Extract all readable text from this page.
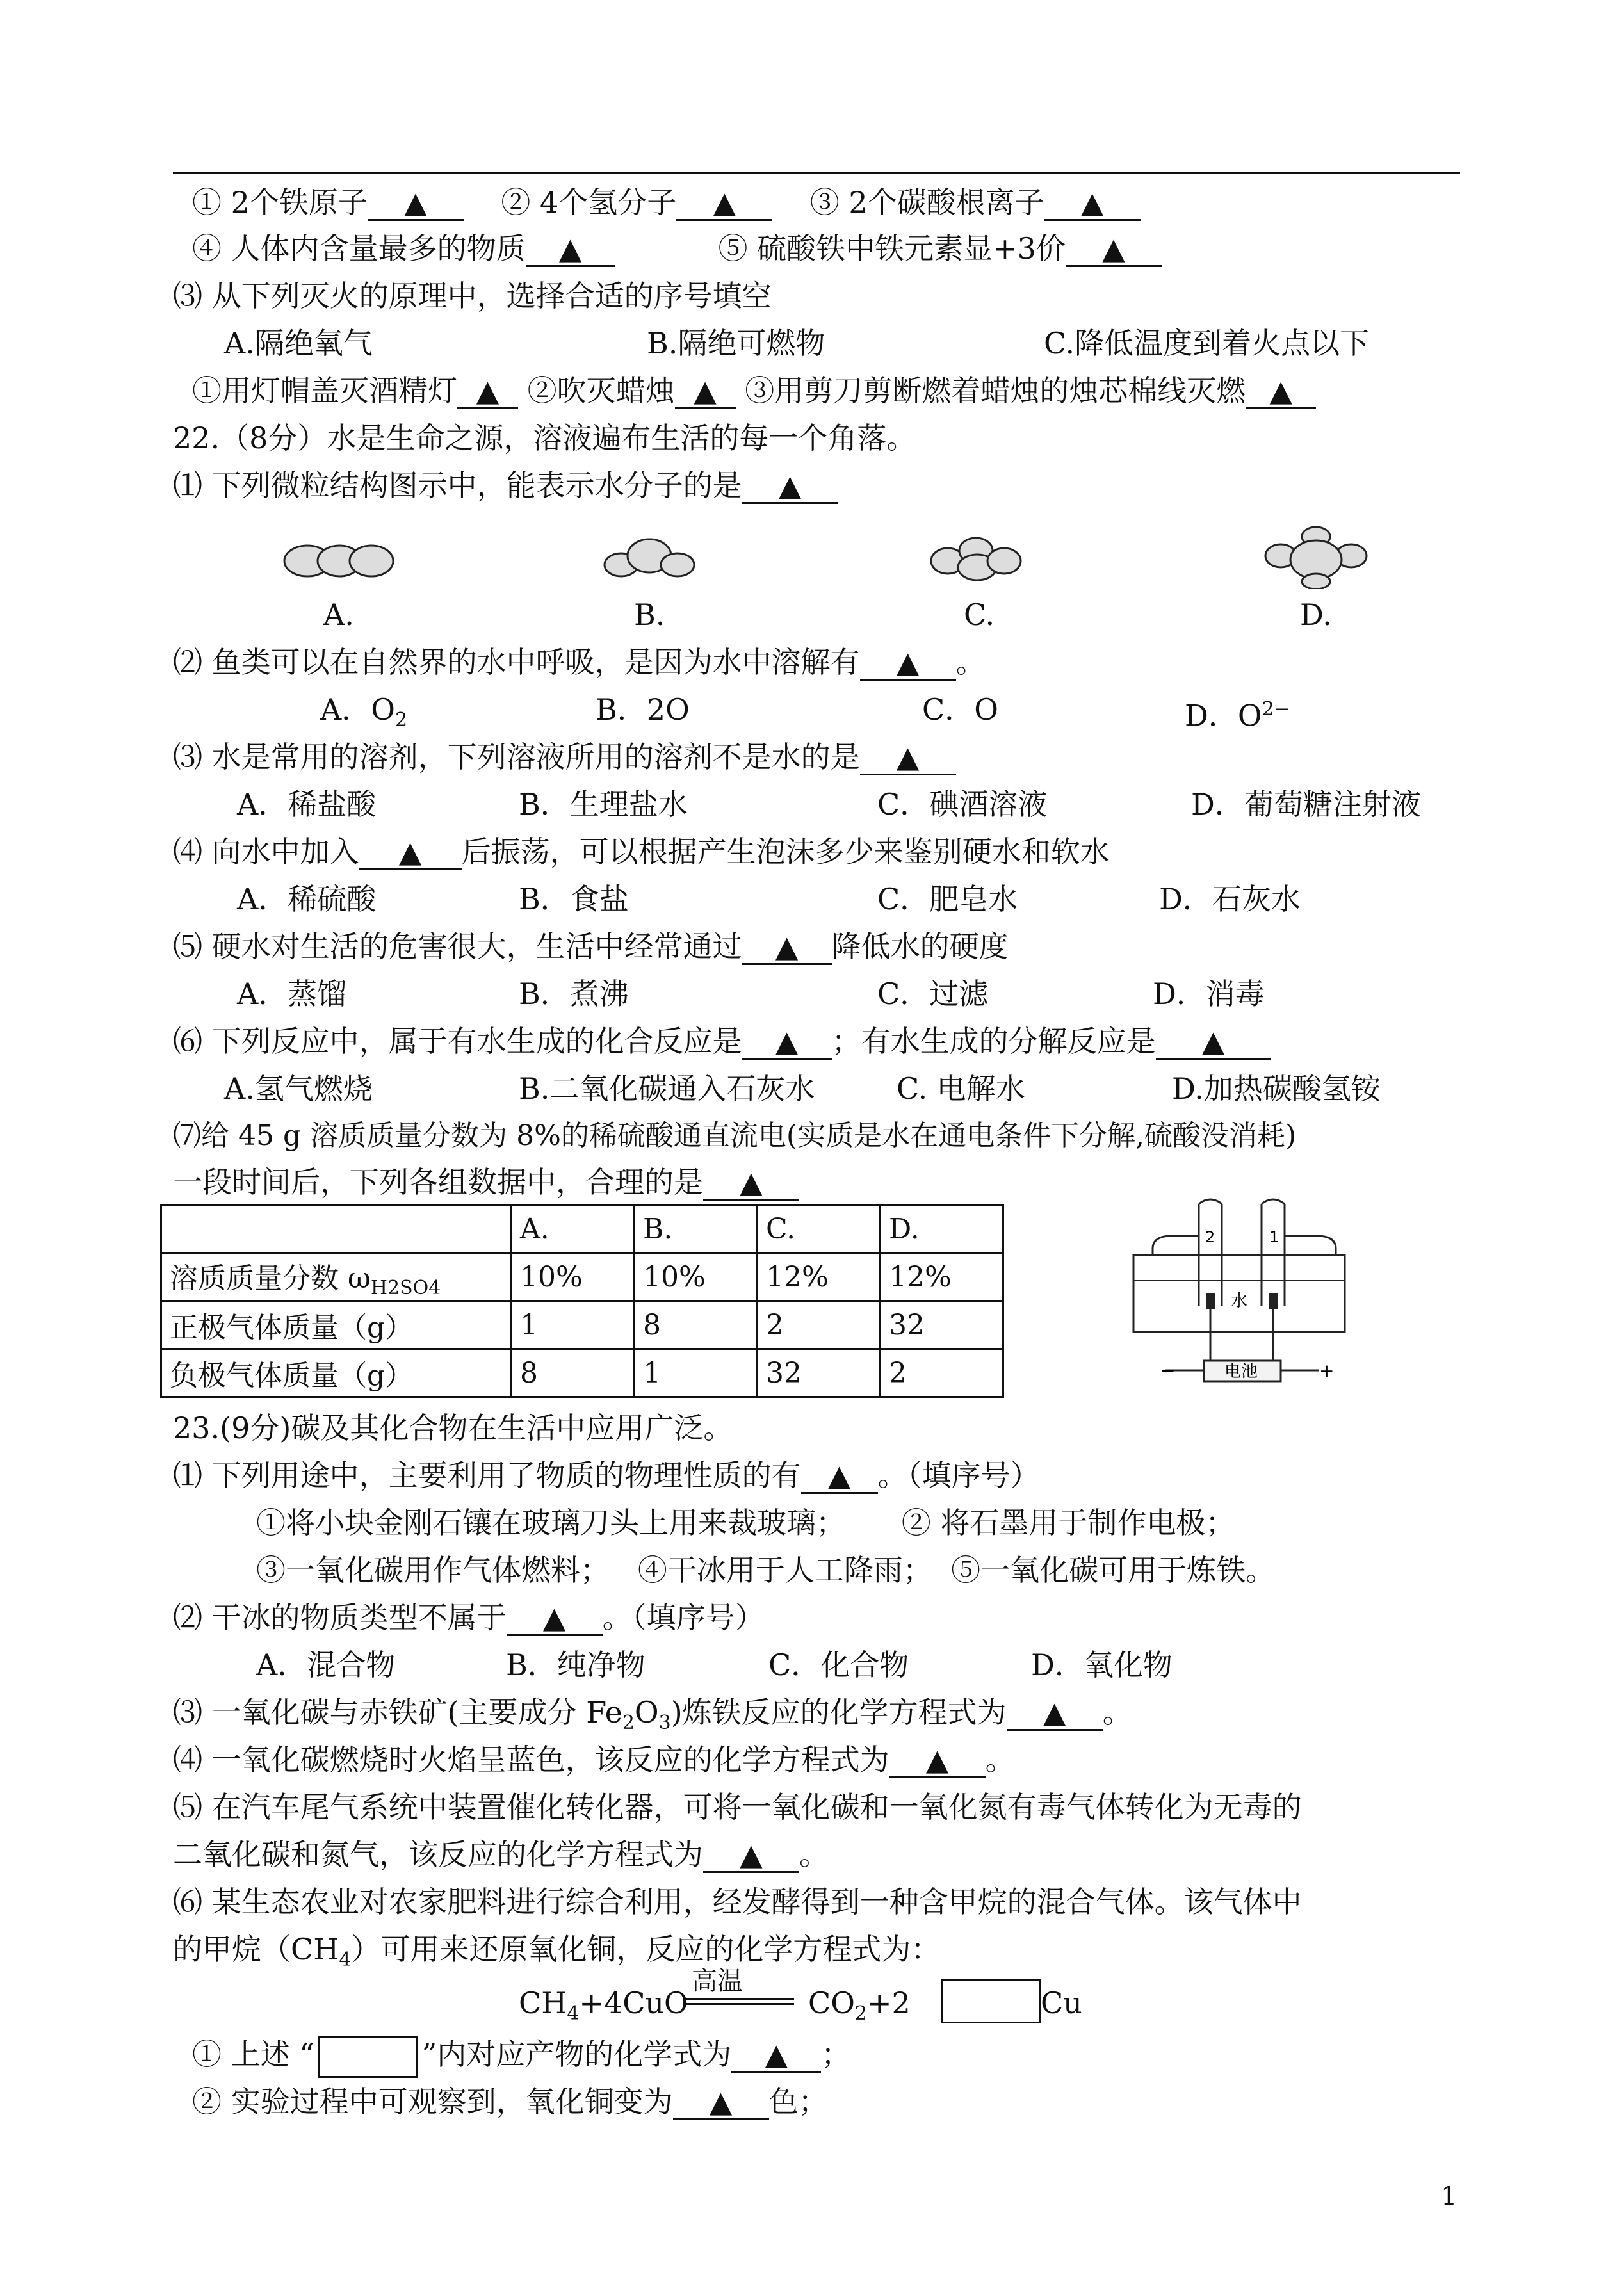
① 2个铁原子 ▲	② 4个氢分子 ▲	③ 2个碳酸根离子 ▲
④ 人体内含量最多的物质 ▲	⑤ 硫酸铁中铁元素显+3价 ▲
⑶ 从下列灭火的原理中，选择合适的序号填空
A.隔绝氧气	B.隔绝可燃物	C.降低温度到着火点以下
①用灯帽盖灭酒精灯 ▲ ②吹灭蜡烛 ▲ ③用剪刀剪断燃着蜡烛的烛芯棉线灭燃 ▲
22.（8分）水是生命之源，溶液遍布生活的每一个角落。
⑴ 下列微粒结构图示中，能表示水分子的是 ▲
A.	B.	C.	D.
⑵ 鱼类可以在自然界的水中呼吸，是因为水中溶解有 ▲ 。
A．$O_2$	B．2O	C．O	D．$O^{2-}$
⑶ 水是常用的溶剂，下列溶液所用的溶剂不是水的是 ▲
A．稀盐酸	B．生理盐水	C．碘酒溶液	D．葡萄糖注射液
⑷ 向水中加入 ▲ 后振荡，可以根据产生泡沫多少来鉴别硬水和软水
A．稀硫酸	B．食盐	C．肥皂水	D．石灰水
⑸ 硬水对生活的危害很大，生活中经常通过 ▲ 降低水的硬度
A．蒸馏	B．煮沸	C．过滤	D．消毒
⑹ 下列反应中，属于有水生成的化合反应是 ▲ ；有水生成的分解反应是 ▲
A.氢气燃烧	B.二氧化碳通入石灰水	C. 电解水	D.加热碳酸氢铵
⑺给 45 g 溶质质量分数为 8%的稀硫酸通直流电(实质是水在通电条件下分解,硫酸没消耗)
一段时间后，下列各组数据中，合理的是 ▲
	A.	B.	C.	D.
溶质质量分数 $\omega_{H2SO4}$	10%	10%	12%	12%
正极气体质量（g）	1	8	2	32
负极气体质量（g）	8	1	32	2
2	1
水
电池
−	+
23.(9分)碳及其化合物在生活中应用广泛。
⑴ 下列用途中，主要利用了物质的物理性质的有 ▲ 。（填序号）
①将小块金刚石镶在玻璃刀头上用来裁玻璃；      ② 将石墨用于制作电极；
③一氧化碳用作气体燃料；   ④干冰用于人工降雨；  ⑤一氧化碳可用于炼铁。
⑵ 干冰的物质类型不属于 ▲ 。（填序号）
A．混合物	B．纯净物	C．化合物	D．氧化物
⑶ 一氧化碳与赤铁矿(主要成分 $Fe_2O_3$)炼铁反应的化学方程式为 ▲ 。
⑷ 一氧化碳燃烧时火焰呈蓝色，该反应的化学方程式为 ▲ 。
⑸ 在汽车尾气系统中装置催化转化器，可将一氧化碳和一氧化氮有毒气体转化为无毒的
二氧化碳和氮气，该反应的化学方程式为 ▲ 。
⑹ 某生态农业对农家肥料进行综合利用，经发酵得到一种含甲烷的混合气体。该气体中
的甲烷$(CH_4)$可用来还原氧化铜，反应的化学方程式为：
$CH_4+4CuO$
高温
$CO_2+2$	Cu
① 上述 “	”内对应产物的化学式为 ▲ ；
② 实验过程中可观察到，氧化铜变为 ▲ 色；
1
